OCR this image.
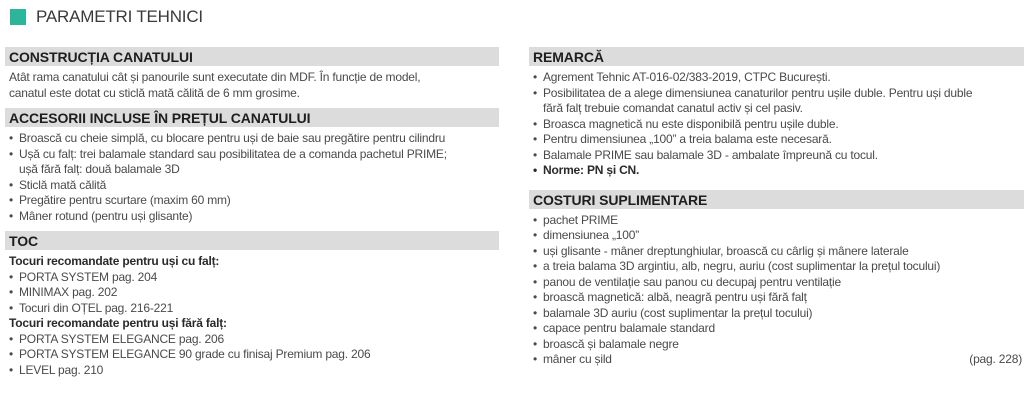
PARAMETRI TEHNICI
CONSTRUCȚIA CANATULUI

Atât rama canatului cât și panourile sunt executate din MDF. În funcție de model,

canatul este dotat cu sticlă mată călită de 6 mm grosime.

ACCESORII INCLUSE ÎN PREȚUL CANATULUI
• Broască cu cheie simplă, cu blocare pentru uși de baie sau pregătire pentru cilindru
• Ușă cu falț: trei balamale standard sau posibilitatea de a comanda pachetul PRIME;
ușă fără falț: două balamale 3D
• Sticlă mată călită
• Pregătire pentru scurtare (maxim 60 mm)
• Mâner rotund (pentru uși glisante)
TOC
Tocuri recomandate pentru uși cu falț:
• PORTA SYSTEM pag. 204
• MINIMAX pag. 202
• Tocuri din OȚEL pag. 216-221
Tocuri recomandate pentru uși fără falț:
• PORTA SYSTEM ELEGANCE pag. 206
• PORTA SYSTEM ELEGANCE 90 grade cu finisaj Premium pag. 206
• LEVEL pag. 210
REMARCĂ
• Agrement Tehnic AT-016-02/383-2019, CTPC București.
• Posibilitatea de a alege dimensiunea canaturilor pentru ușile duble. Pentru uși duble
fără falț trebuie comandat canatul activ și cel pasiv.
• Broasca magnetică nu este disponibilă pentru ușile duble.
• Pentru dimensiunea „100” a treia balama este necesară.
• Balamale PRIME sau balamale 3D - ambalate împreună cu tocul.
• Norme: PN și CN.
COSTURI SUPLIMENTARE
• pachet PRIME
• dimensiunea „100”
• uși glisante - mâner dreptunghiular, broască cu cârlig și mânere laterale
• a treia balama 3D argintiu, alb, negru, auriu (cost suplimentar la prețul tocului)
• panou de ventilație sau panou cu decupaj pentru ventilație
• broască magnetică: albă, neagră pentru uși fără falț
• balamale 3D auriu (cost suplimentar la prețul tocului)
• capace pentru balamale standard
• broască și balamale negre
• mâner cu șild	(pag. 228)
